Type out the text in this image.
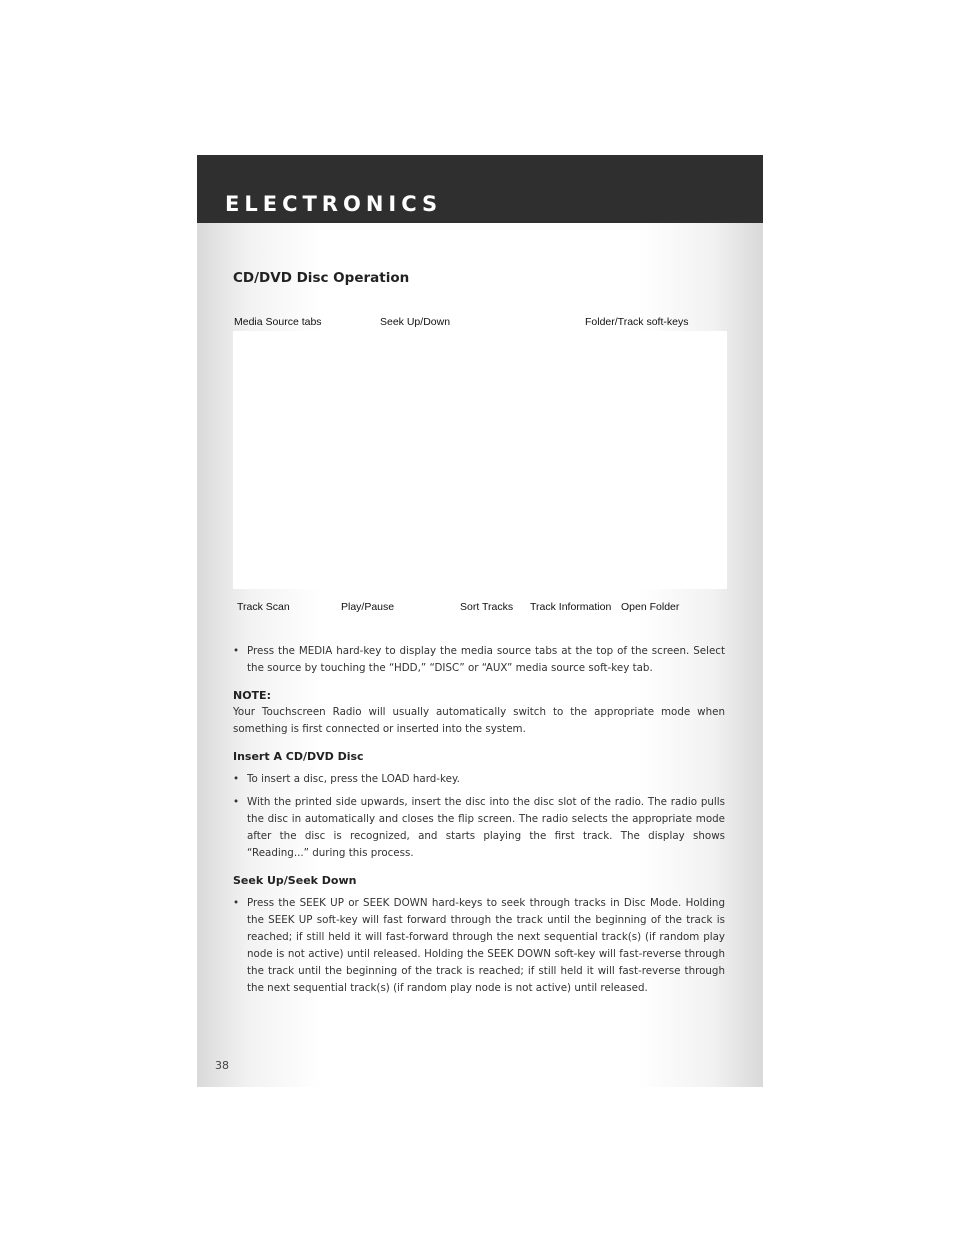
ELECTRONICS
CD/DVD Disc Operation
Media Source tabs	Seek Up/Down	Folder/Track soft-keys
Track Scan	Play/Pause	Sort Tracks Track Information Open Folder
• Press the MEDIA hard-key to display the media source tabs at the top of the screen. Select the source by touching the “HDD,” “DISC” or “AUX” media source soft-key tab.

NOTE:

Your Touchscreen Radio will usually automatically switch to the appropriate mode when something is first connected or inserted into the system.

Insert A CD/DVD Disc

• To insert a disc, press the LOAD hard-key.
• With the printed side upwards, insert the disc into the disc slot of the radio. The radio pulls the disc in automatically and closes the flip screen. The radio selects the appropriate mode after the disc is recognized, and starts playing the first track. The display shows “Reading...” during this process.

Seek Up/Seek Down

• Press the SEEK UP or SEEK DOWN hard-keys to seek through tracks in Disc Mode. Holding the SEEK UP soft-key will fast forward through the track until the beginning of the track is reached; if still held it will fast-forward through the next sequential track(s) (if random play node is not active) until released. Holding the SEEK DOWN soft-key will fast-reverse through the track until the beginning of the track is reached; if still held it will fast-reverse through the next sequential track(s) (if random play node is not active) until released.
38
